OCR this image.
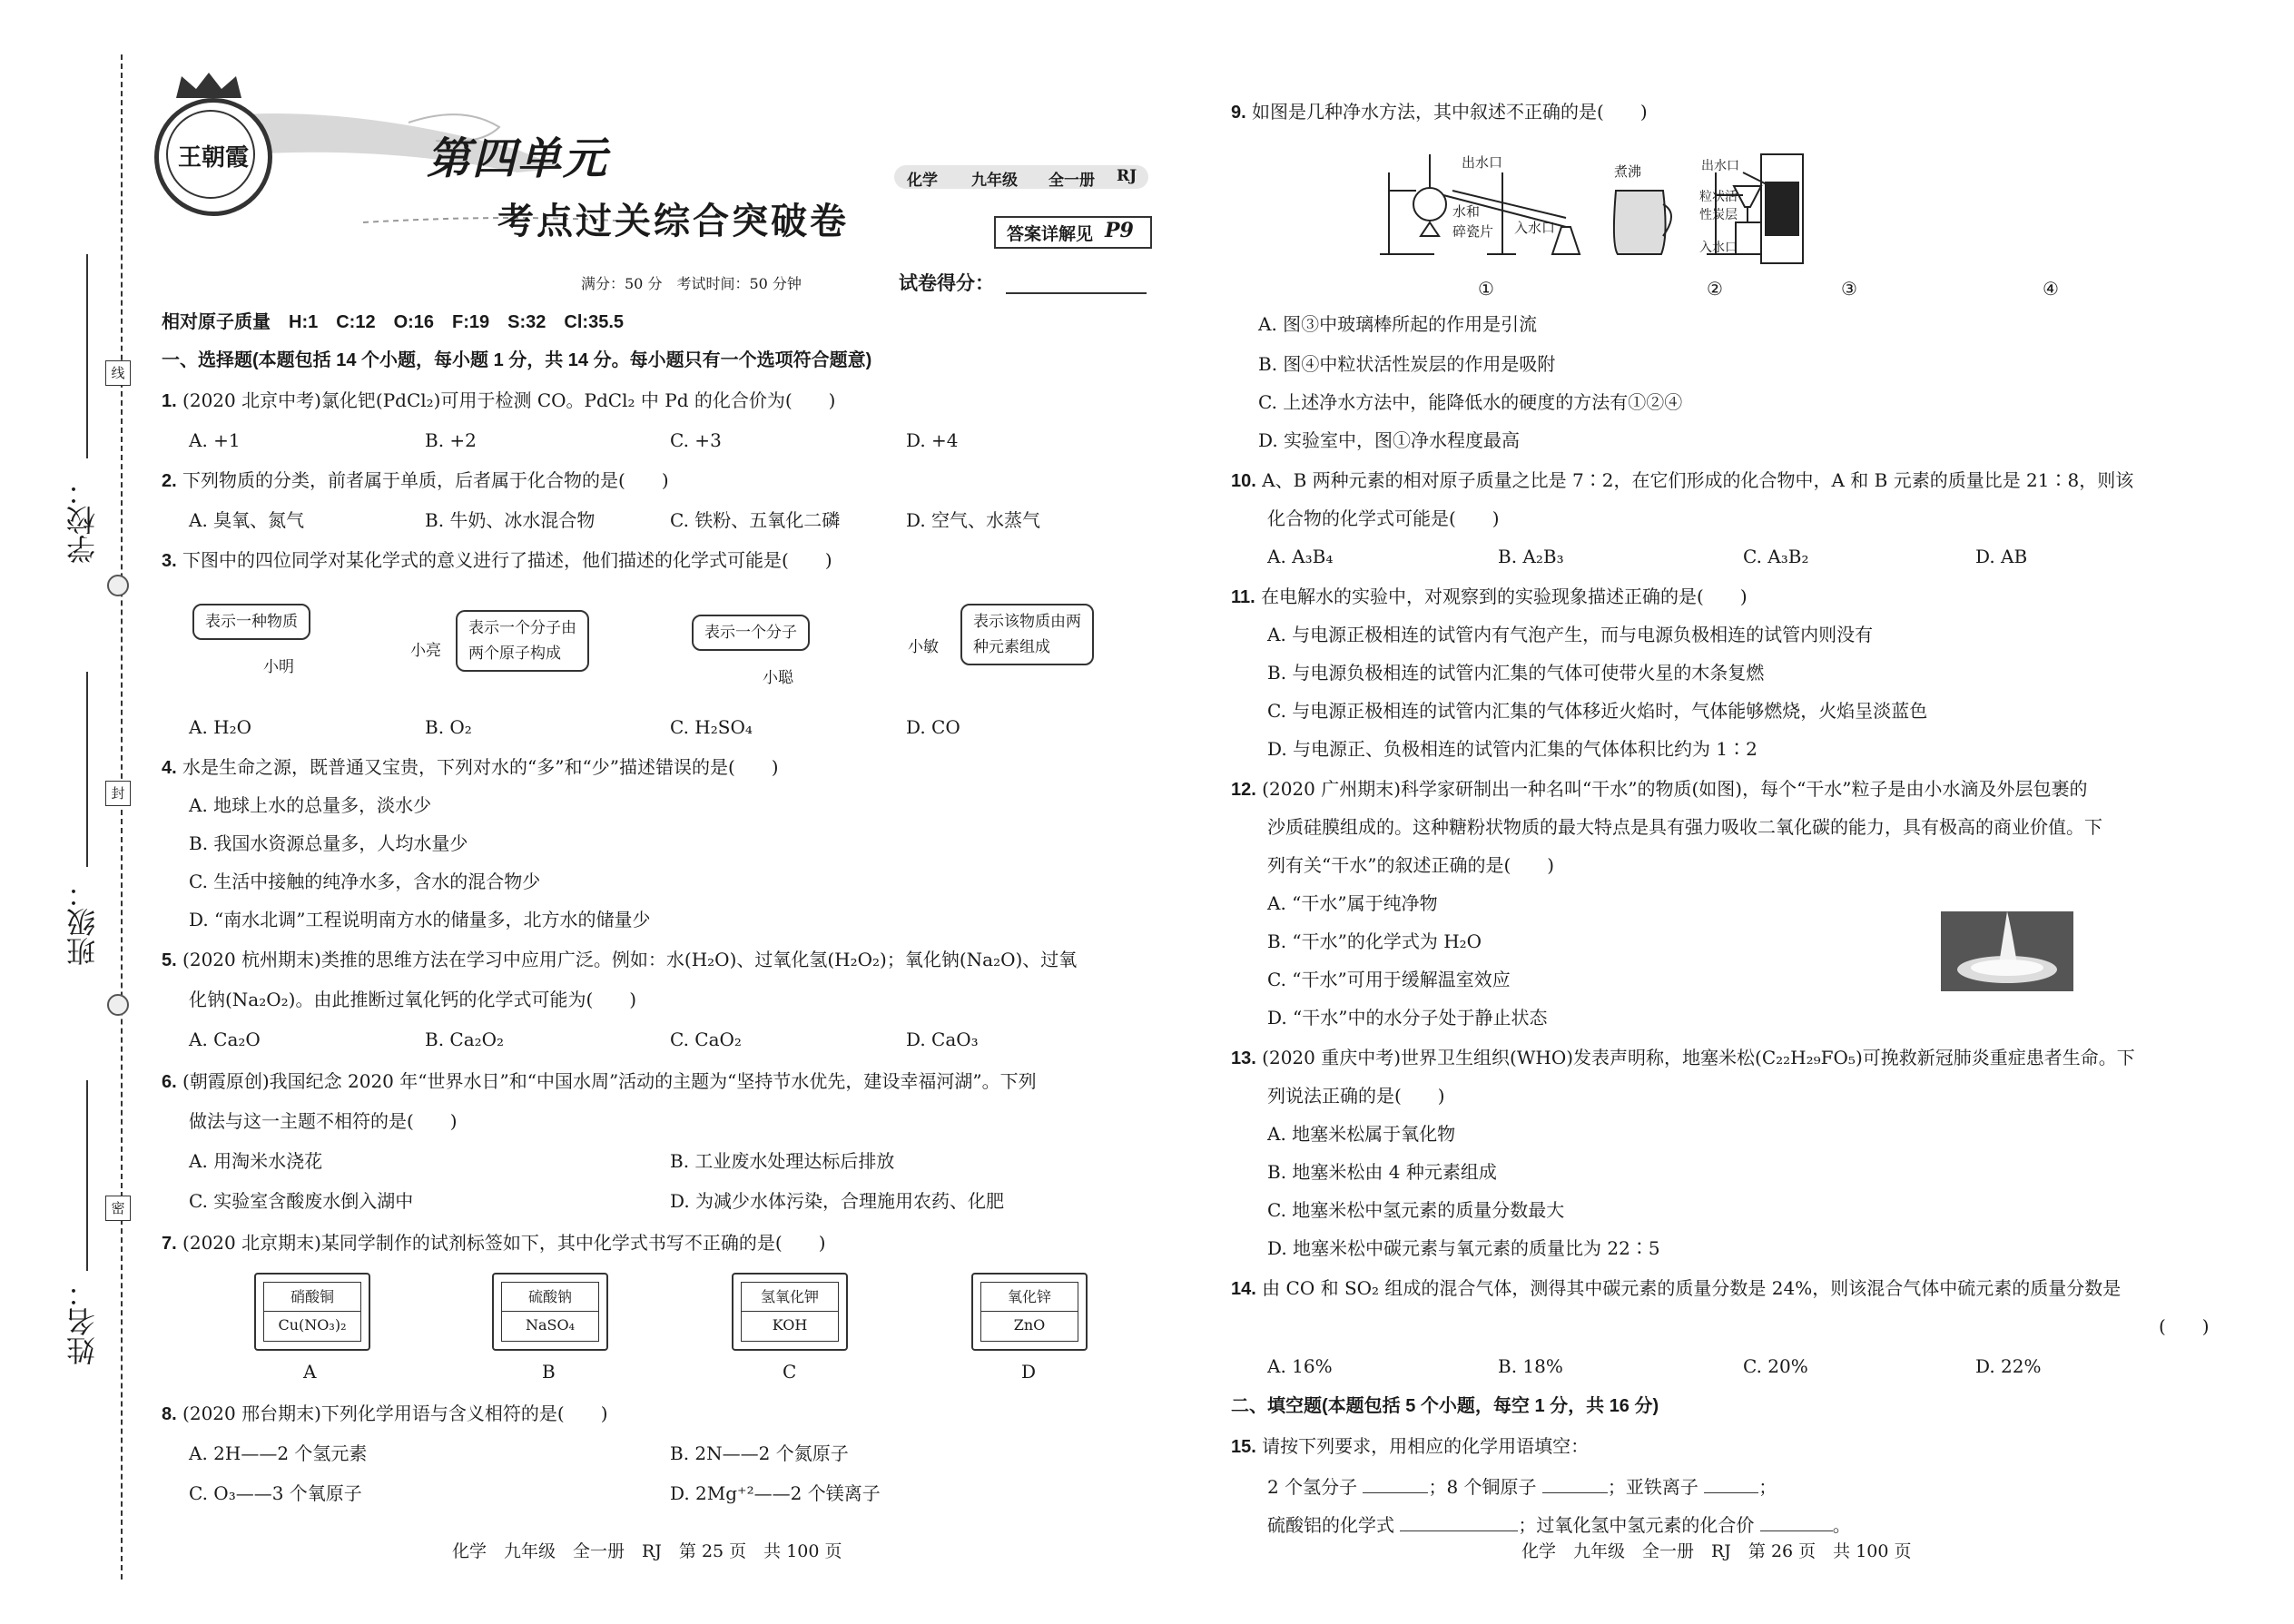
学校：
班级：
姓名：
线
封
密
王朝霞	第四单元
考点过关综合突破卷
化学 九年级 全一册 RJ
答案详解见 P9
满分：50 分　考试时间：50 分钟	试卷得分：
相对原子质量　H:1　C:12　O:16　F:19　S:32　Cl:35.5
一、选择题(本题包括 14 个小题，每小题 1 分，共 14 分。每小题只有一个选项符合题意)
1. (2020 北京中考)氯化钯(PdCl₂)可用于检测 CO。PdCl₂ 中 Pd 的化合价为(　　)
A. +1	B. +2	C. +3	D. +4
2. 下列物质的分类，前者属于单质，后者属于化合物的是(　　)
A. 臭氧、氮气	B. 牛奶、冰水混合物	C. 铁粉、五氧化二磷	D. 空气、水蒸气
3. 下图中的四位同学对某化学式的意义进行了描述，他们描述的化学式可能是(　　)
表示一种物质
小明
小亮
表示一个分子由
两个原子构成
表示一个分子
小聪
小敏
表示该物质由两
种元素组成
A. H₂O	B. O₂	C. H₂SO₄	D. CO
4. 水是生命之源，既普通又宝贵，下列对水的“多”和“少”描述错误的是(　　)
A. 地球上水的总量多，淡水少
B. 我国水资源总量多，人均水量少
C. 生活中接触的纯净水多，含水的混合物少
D. “南水北调”工程说明南方水的储量多，北方水的储量少
5. (2020 杭州期末)类推的思维方法在学习中应用广泛。例如：水(H₂O)、过氧化氢(H₂O₂)；氧化钠(Na₂O)、过氧
化钠(Na₂O₂)。由此推断过氧化钙的化学式可能为(　　)
A. Ca₂O	B. Ca₂O₂	C. CaO₂	D. CaO₃
6. (朝霞原创)我国纪念 2020 年“世界水日”和“中国水周”活动的主题为“坚持节水优先，建设幸福河湖”。下列
做法与这一主题不相符的是(　　)
A. 用淘米水浇花	B. 工业废水处理达标后排放
C. 实验室含酸废水倒入湖中	D. 为减少水体污染，合理施用农药、化肥
7. (2020 北京期末)某同学制作的试剂标签如下，其中化学式书写不正确的是(　　)
硝酸铜
Cu(NO₃)₂
硫酸钠
NaSO₄
氢氧化钾
KOH
氧化锌
ZnO
A	B	C	D
8. (2020 邢台期末)下列化学用语与含义相符的是(　　)
A. 2H——2 个氢元素	B. 2N——2 个氮原子
C. O₃——3 个氧原子	D. 2Mg⁺²——2 个镁离子
化学　九年级　全一册　RJ　第 25 页　共 100 页
9. 如图是几种净水方法，其中叙述不正确的是(　　)
出水口
水和
碎瓷片 入水口
煮沸	出水口
粒状活
性炭层
入水口
①	②	③	④
A. 图③中玻璃棒所起的作用是引流
B. 图④中粒状活性炭层的作用是吸附
C. 上述净水方法中，能降低水的硬度的方法有①②④
D. 实验室中，图①净水程度最高
10. A、B 两种元素的相对原子质量之比是 7∶2，在它们形成的化合物中，A 和 B 元素的质量比是 21∶8，则该
化合物的化学式可能是(　　)
A. A₃B₄	B. A₂B₃	C. A₃B₂	D. AB
11. 在电解水的实验中，对观察到的实验现象描述正确的是(　　)
A. 与电源正极相连的试管内有气泡产生，而与电源负极相连的试管内则没有
B. 与电源负极相连的试管内汇集的气体可使带火星的木条复燃
C. 与电源正极相连的试管内汇集的气体移近火焰时，气体能够燃烧，火焰呈淡蓝色
D. 与电源正、负极相连的试管内汇集的气体体积比约为 1∶2
12. (2020 广州期末)科学家研制出一种名叫“干水”的物质(如图)，每个“干水”粒子是由小水滴及外层包裹的
沙质硅膜组成的。这种糖粉状物质的最大特点是具有强力吸收二氧化碳的能力，具有极高的商业价值。下
列有关“干水”的叙述正确的是(　　)
A. “干水”属于纯净物
B. “干水”的化学式为 H₂O
C. “干水”可用于缓解温室效应
D. “干水”中的水分子处于静止状态
13. (2020 重庆中考)世界卫生组织(WHO)发表声明称，地塞米松(C₂₂H₂₉FO₅)可挽救新冠肺炎重症患者生命。下
列说法正确的是(　　)
A. 地塞米松属于氧化物
B. 地塞米松由 4 种元素组成
C. 地塞米松中氢元素的质量分数最大
D. 地塞米松中碳元素与氧元素的质量比为 22∶5
14. 由 CO 和 SO₂ 组成的混合气体，测得其中碳元素的质量分数是 24%，则该混合气体中硫元素的质量分数是
(　　)
A. 16%	B. 18%	C. 20%	D. 22%
二、填空题(本题包括 5 个小题，每空 1 分，共 16 分)
15. 请按下列要求，用相应的化学用语填空：
2 个氢分子	；8 个铜原子	；亚铁离子	；
硫酸铝的化学式	；过氧化氢中氢元素的化合价	。
化学　九年级　全一册　RJ　第 26 页　共 100 页
